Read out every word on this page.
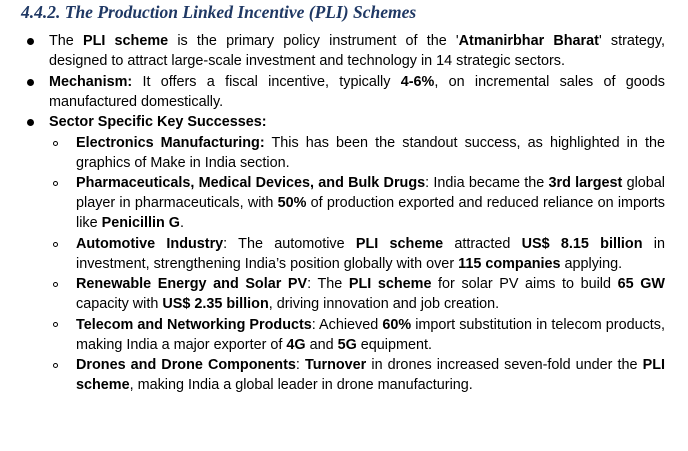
4.4.2. The Production Linked Incentive (PLI) Schemes
The PLI scheme is the primary policy instrument of the 'Atmanirbhar Bharat' strategy, designed to attract large-scale investment and technology in 14 strategic sectors.
Mechanism: It offers a fiscal incentive, typically 4-6%, on incremental sales of goods manufactured domestically.
Sector Specific Key Successes:
Electronics Manufacturing: This has been the standout success, as highlighted in the graphics of Make in India section.
Pharmaceuticals, Medical Devices, and Bulk Drugs: India became the 3rd largest global player in pharmaceuticals, with 50% of production exported and reduced reliance on imports like Penicillin G.
Automotive Industry: The automotive PLI scheme attracted US$ 8.15 billion in investment, strengthening India’s position globally with over 115 companies applying.
Renewable Energy and Solar PV: The PLI scheme for solar PV aims to build 65 GW capacity with US$ 2.35 billion, driving innovation and job creation.
Telecom and Networking Products: Achieved 60% import substitution in telecom products, making India a major exporter of 4G and 5G equipment.
Drones and Drone Components: Turnover in drones increased seven-fold under the PLI scheme, making India a global leader in drone manufacturing.
